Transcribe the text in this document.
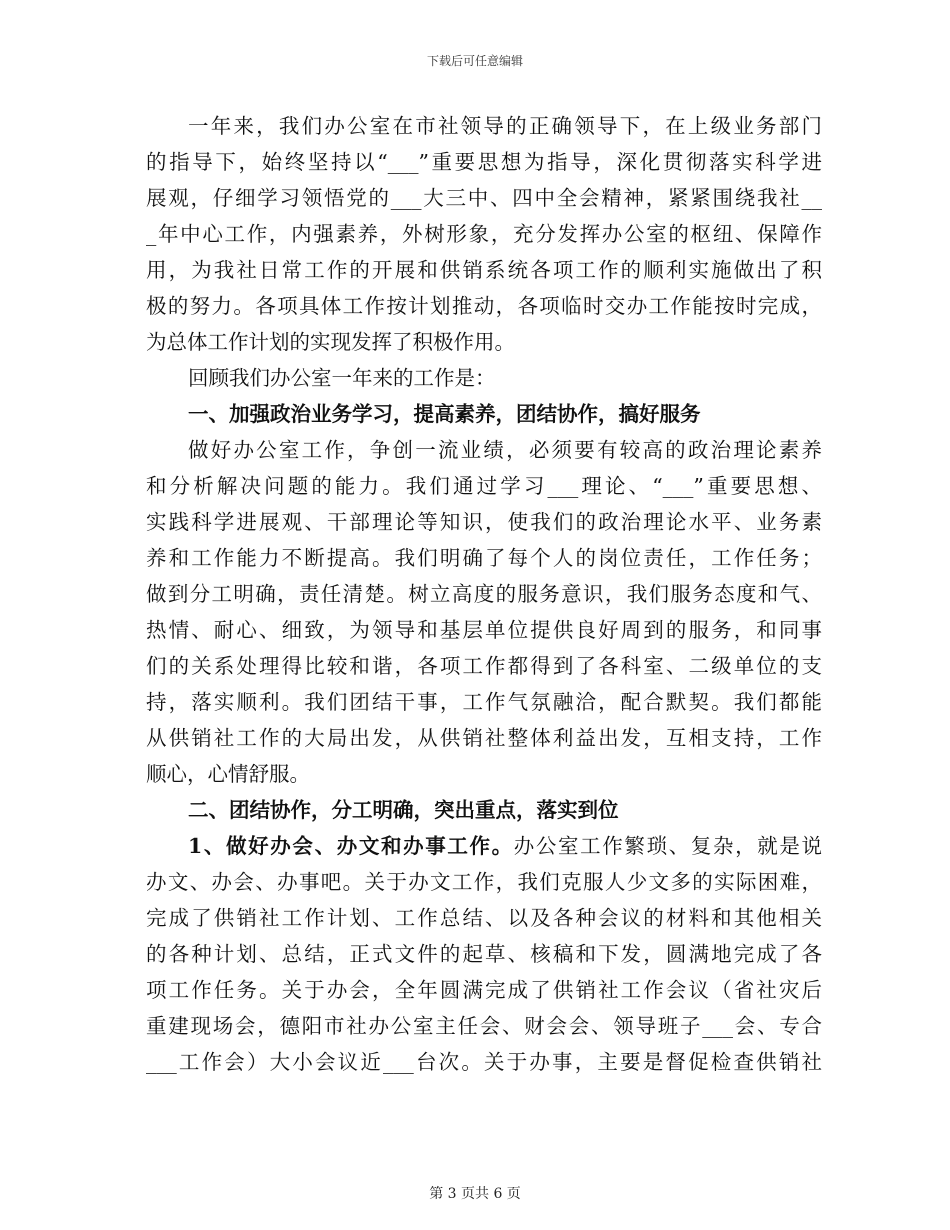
下载后可任意编辑
一年来，我们办公室在市社领导的正确领导下，在上级业务部门
的指导下，始终坚持以“___”重要思想为指导，深化贯彻落实科学进
展观，仔细学习领悟党的___大三中、四中全会精神，紧紧围绕我社__
_年中心工作，内强素养，外树形象，充分发挥办公室的枢纽、保障作
用，为我社日常工作的开展和供销系统各项工作的顺利实施做出了积
极的努力。各项具体工作按计划推动，各项临时交办工作能按时完成，
为总体工作计划的实现发挥了积极作用。
回顾我们办公室一年来的工作是：
一、加强政治业务学习，提高素养，团结协作，搞好服务
做好办公室工作，争创一流业绩，必须要有较高的政治理论素养
和分析解决问题的能力。我们通过学习___理论、“___”重要思想、
实践科学进展观、干部理论等知识，使我们的政治理论水平、业务素
养和工作能力不断提高。我们明确了每个人的岗位责任，工作任务；
做到分工明确，责任清楚。树立高度的服务意识，我们服务态度和气、
热情、耐心、细致，为领导和基层单位提供良好周到的服务，和同事
们的关系处理得比较和谐，各项工作都得到了各科室、二级单位的支
持，落实顺利。我们团结干事，工作气氛融洽，配合默契。我们都能
从供销社工作的大局出发，从供销社整体利益出发，互相支持，工作
顺心，心情舒服。
二、团结协作，分工明确，突出重点，落实到位
1、做好办会、办文和办事工作。办公室工作繁琐、复杂，就是说
办文、办会、办事吧。关于办文工作，我们克服人少文多的实际困难，
完成了供销社工作计划、工作总结、以及各种会议的材料和其他相关
的各种计划、总结，正式文件的起草、核稿和下发，圆满地完成了各
项工作任务。关于办会，全年圆满完成了供销社工作会议（省社灾后
重建现场会，德阳市社办公室主任会、财会会、领导班子___会、专合
___工作会）大小会议近___台次。关于办事，主要是督促检查供销社
第 3 页共 6 页
